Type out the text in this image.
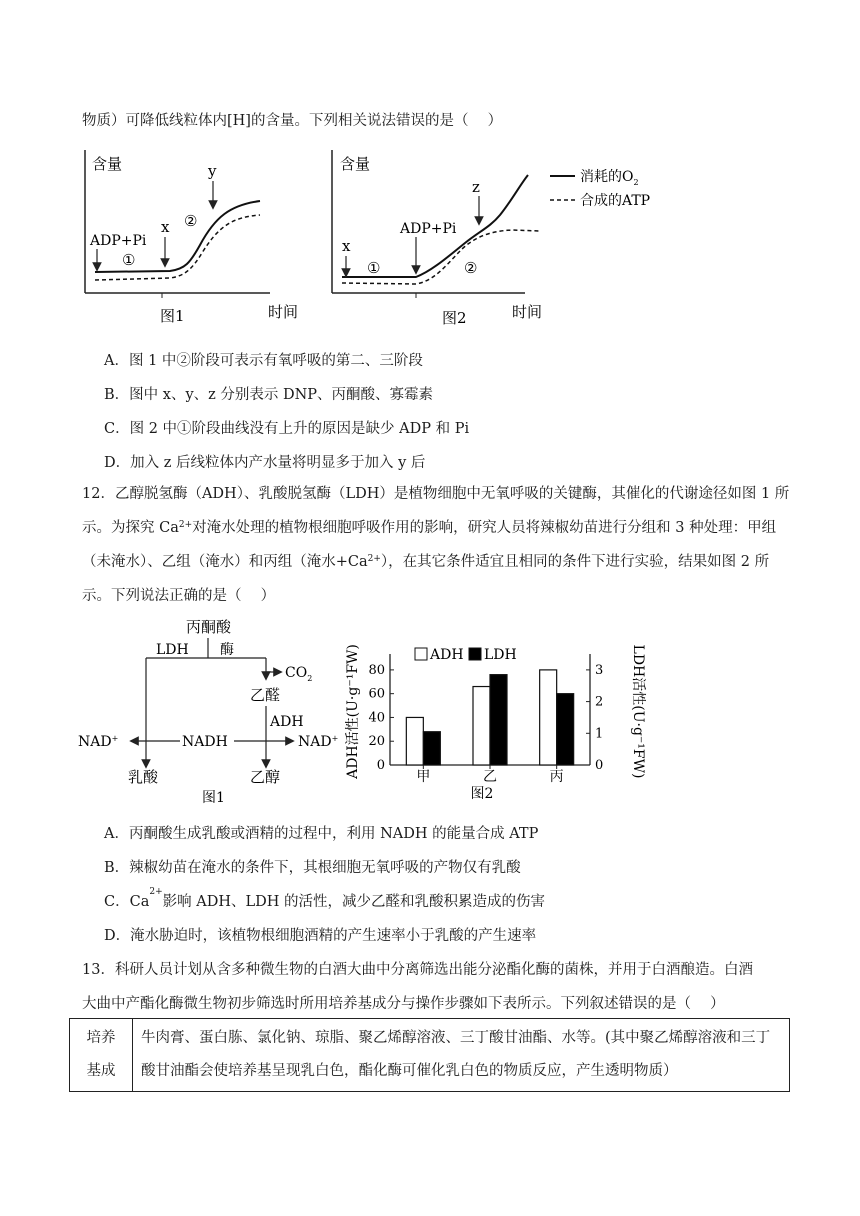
物质）可降低线粒体内[H]的含量。下列相关说法错误的是（　 ）
含量
时间
图1
ADP+Pi
①
x ②
y	含量
时间
图2
x
①
ADP+Pi
②
z
消耗的$O_2$
合成的ATP
A．图 1 中②阶段可表示有氧呼吸的第二、三阶段
B．图中 x、y、z 分别表示 DNP、丙酮酸、寡霉素
C．图 2 中①阶段曲线没有上升的原因是缺少 ADP 和 Pi
D．加入 z 后线粒体内产水量将明显多于加入 y 后
12．乙醇脱氢酶（ADH）、乳酸脱氢酶（LDH）是植物细胞中无氧呼吸的关键酶，其催化的代谢途径如图 1 所示。为探究 $Ca^{2+}$对淹水处理的植物根细胞呼吸作用的影响，研究人员将辣椒幼苗进行分组和 3 种处理：甲组（未淹水）、乙组（淹水）和丙组（淹水$+Ca^{2+}$），在其它条件适宜且相同的条件下进行实验，结果如图 2 所示。下列说法正确的是（　 ）
丙酮酸
LDH 酶
$CO_2$
乙醛
ADH
NAD+	NADH	NAD+
乳酸	乙醇
图1
0
20
40
60
80
0
1
2
3
甲	乙	丙
ADH LDH
ADH活性(U·g⁻¹FW)	LDH活性(U·g⁻¹FW)
图2
A．丙酮酸生成乳酸或酒精的过程中，利用 NADH 的能量合成 ATP
B．辣椒幼苗在淹水的条件下，其根细胞无氧呼吸的产物仅有乳酸
C．$Ca^{2+}$影响 ADH、LDH 的活性，减少乙醛和乳酸积累造成的伤害
D．淹水胁迫时，该植物根细胞酒精的产生速率小于乳酸的产生速率
13．科研人员计划从含多种微生物的白酒大曲中分离筛选出能分泌酯化酶的菌株，并用于白酒酿造。白酒
大曲中产酯化酶微生物初步筛选时所用培养基成分与操作步骤如下表所示。下列叙述错误的是（　 ）
培养
基成
	牛肉膏、蛋白胨、氯化钠、琼脂、聚乙烯醇溶液、三丁酸甘油酯、水等。(其中聚乙烯醇溶液和三丁酸甘油酯会使培养基呈现乳白色，酯化酶可催化乳白色的物质反应，产生透明物质）
